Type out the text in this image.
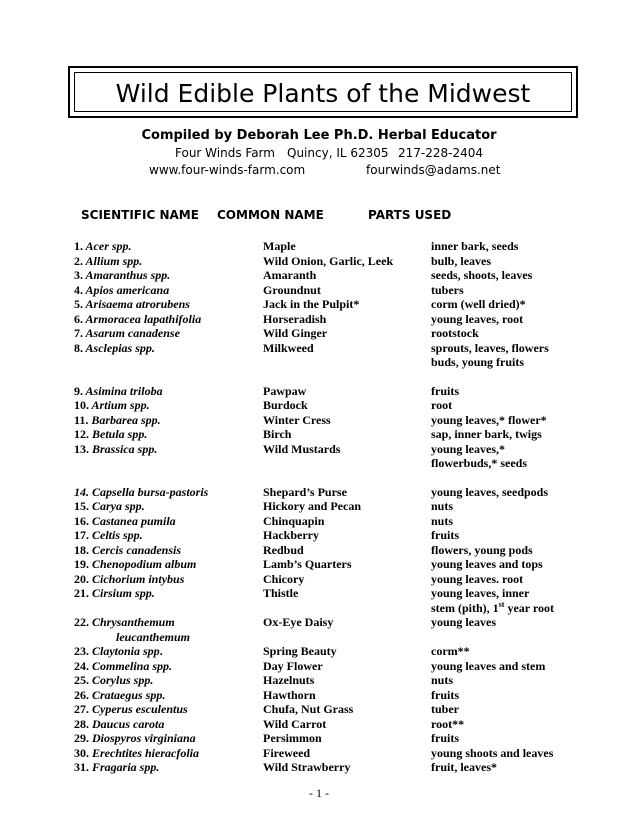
Wild Edible Plants of the Midwest
Compiled by Deborah Lee Ph.D. Herbal Educator
Four Winds Farm Quincy, IL 62305 217-228-2404
www.four-winds-farm.com	fourwinds@adams.net
SCIENTIFIC NAME COMMON NAME	PARTS USED
1. Acer spp.	Maple	inner bark, seeds
2. Allium spp.	Wild Onion, Garlic, Leek	bulb, leaves
3. Amaranthus spp.	Amaranth	seeds, shoots, leaves
4. Apios americana	Groundnut	tubers
5. Arisaema atrorubens	Jack in the Pulpit*	corm (well dried)*
6. Armoracea lapathifolia	Horseradish	young leaves, root
7. Asarum canadense	Wild Ginger	rootstock
8. Asclepias spp.	Milkweed	sprouts, leaves, flowers
buds, young fruits
9. Asimina triloba	Pawpaw	fruits
10. Artium spp.	Burdock	root
11. Barbarea spp.	Winter Cress	young leaves,* flower*
12. Betula spp.	Birch	sap, inner bark, twigs
13. Brassica spp.	Wild Mustards	young leaves,*
flowerbuds,* seeds
14. Capsella bursa-pastoris	Shepard’s Purse	young leaves, seedpods
15. Carya spp.	Hickory and Pecan	nuts
16. Castanea pumila	Chinquapin	nuts
17. Celtis spp.	Hackberry	fruits
18. Cercis canadensis	Redbud	flowers, young pods
19. Chenopodium album	Lamb’s Quarters	young leaves and tops
20. Cichorium intybus	Chicory	young leaves. root
21. Cirsium spp.	Thistle	young leaves, inner
stem (pith), 1st year root
22. Chrysanthemum	Ox-Eye Daisy	young leaves
leucanthemum
23. Claytonia spp.	Spring Beauty	corm**
24. Commelina spp.	Day Flower	young leaves and stem
25. Corylus spp.	Hazelnuts	nuts
26. Crataegus spp.	Hawthorn	fruits
27. Cyperus esculentus	Chufa, Nut Grass	tuber
28. Daucus carota	Wild Carrot	root**
29. Diospyros virginiana	Persimmon	fruits
30. Erechtites hieracfolia	Fireweed	young shoots and leaves
31. Fragaria spp.	Wild Strawberry	fruit, leaves*
- 1 -
